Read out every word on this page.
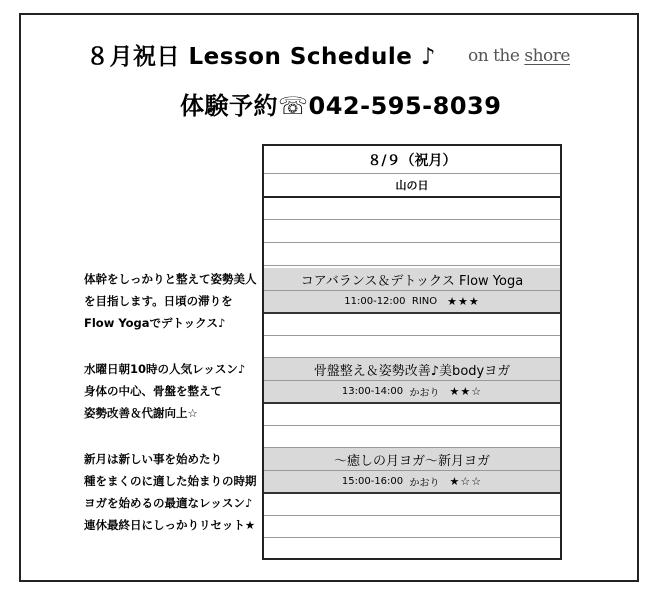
８月祝日 Lesson Schedule ♪ on the shore
体験予約☏042-595-8039
８/９（祝月）
山の日
コアバランス＆デトックス Flow Yoga
11:00-12:00
RINO ★★★
骨盤整え＆姿勢改善♪美bodyヨガ
13:00-14:00
かおり ★★☆
〜癒しの月ヨガ〜新月ヨガ
15:00-16:00
かおり ★☆☆
体幹をしっかりと整えて姿勢美人
を目指します。日頃の滞りを
Flow Yogaでデトックス♪
水曜日朝10時の人気レッスン♪
身体の中心、骨盤を整えて
姿勢改善＆代謝向上☆
新月は新しい事を始めたり
種をまくのに適した始まりの時期
ヨガを始めるの最適なレッスン♪
連休最終日にしっかりリセット★
